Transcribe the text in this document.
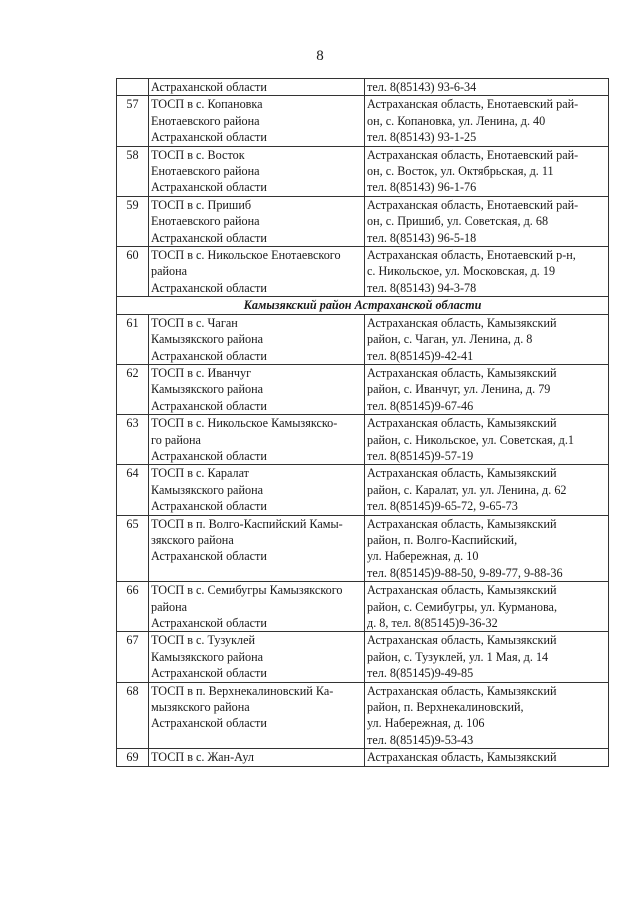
8

	Астраханской области	тел. 8(85143) 93-6-34

57	ТОСП в с. Копановка
Енотаевского района
Астраханской области	Астраханская область, Енотаевский рай-
он, с. Копановка, ул. Ленина, д. 40
тел. 8(85143) 93-1-25

58	ТОСП в с. Восток
Енотаевского района
Астраханской области	Астраханская область, Енотаевский рай-
он, с. Восток, ул. Октябрьская, д. 11
тел. 8(85143) 96-1-76

59	ТОСП в с. Пришиб
Енотаевского района
Астраханской области	Астраханская область, Енотаевский рай-
он, с. Пришиб, ул. Советская, д. 68
тел. 8(85143) 96-5-18

60	ТОСП в с. Никольское Енотаевского
района
Астраханской области	Астраханская область, Енотаевский р-н,
с. Никольское, ул. Московская, д. 19
тел. 8(85143) 94-3-78

Камызякский район Астраханской области		
61	ТОСП в с. Чаган
Камызякского района
Астраханской области	Астраханская область, Камызякский
район, с. Чаган, ул. Ленина, д. 8
тел. 8(85145)9-42-41

62	ТОСП в с. Иванчуг
Камызякского района
Астраханской области	Астраханская область, Камызякский
район, с. Иванчуг, ул. Ленина, д. 79
тел. 8(85145)9-67-46

63	ТОСП в с. Никольское Камызякско-
го района
Астраханской области	Астраханская область, Камызякский
район, с. Никольское, ул. Советская, д.1
тел. 8(85145)9-57-19

64	ТОСП в с. Каралат
Камызякского района
Астраханской области	Астраханская область, Камызякский
район, с. Каралат, ул. ул. Ленина, д. 62
тел. 8(85145)9-65-72, 9-65-73

65	ТОСП в п. Волго-Каспийский Камы-
зякского района
Астраханской области	Астраханская область, Камызякский
район, п. Волго-Каспийский,
ул. Набережная, д. 10
тел. 8(85145)9-88-50, 9-89-77, 9-88-36

66	ТОСП в с. Семибугры Камызякского
района
Астраханской области	Астраханская область, Камызякский
район, с. Семибугры, ул. Курманова,
д. 8, тел. 8(85145)9-36-32

67	ТОСП в с. Тузуклей
Камызякского района
Астраханской области	Астраханская область, Камызякский
район, с. Тузуклей, ул. 1 Мая, д. 14
тел. 8(85145)9-49-85

68	ТОСП в п. Верхнекалиновский Ка-
мызякского района
Астраханской области	Астраханская область, Камызякский
район, п. Верхнекалиновский,
ул. Набережная, д. 106
тел. 8(85145)9-53-43

69	ТОСП в с. Жан-Аул	Астраханская область, Камызякский
